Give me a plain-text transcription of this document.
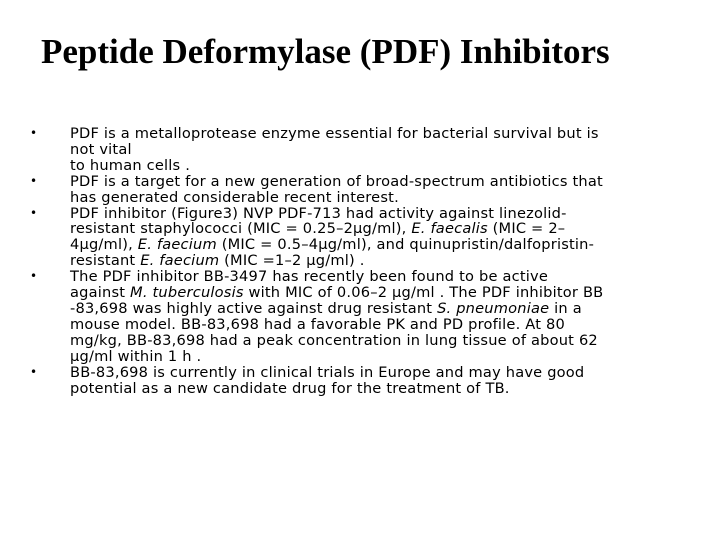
Peptide Deformylase (PDF) Inhibitors
•	PDF is a metalloprotease enzyme essential for bacterial survival but is
not vital
to human cells .
•	PDF is a target for a new generation of broad-spectrum antibiotics that
has generated considerable recent interest.
•	PDF inhibitor (Figure3) NVP PDF-713 had activity against linezolid-
resistant staphylococci (MIC = 0.25–2μg/ml), E. faecalis (MIC = 2–
4μg/ml), E. faecium (MIC = 0.5–4μg/ml), and quinupristin/dalfopristin-
resistant E. faecium (MIC =1–2 μg/ml) .
•	The PDF inhibitor BB-3497 has recently been found to be active
against M. tuberculosis with MIC of 0.06–2 μg/ml . The PDF inhibitor BB
-83,698 was highly active against drug resistant S. pneumoniae in a
mouse model. BB-83,698 had a favorable PK and PD profile. At 80
mg/kg, BB-83,698 had a peak concentration in lung tissue of about 62
μg/ml within 1 h .
•	BB-83,698 is currently in clinical trials in Europe and may have good
potential as a new candidate drug for the treatment of TB.
